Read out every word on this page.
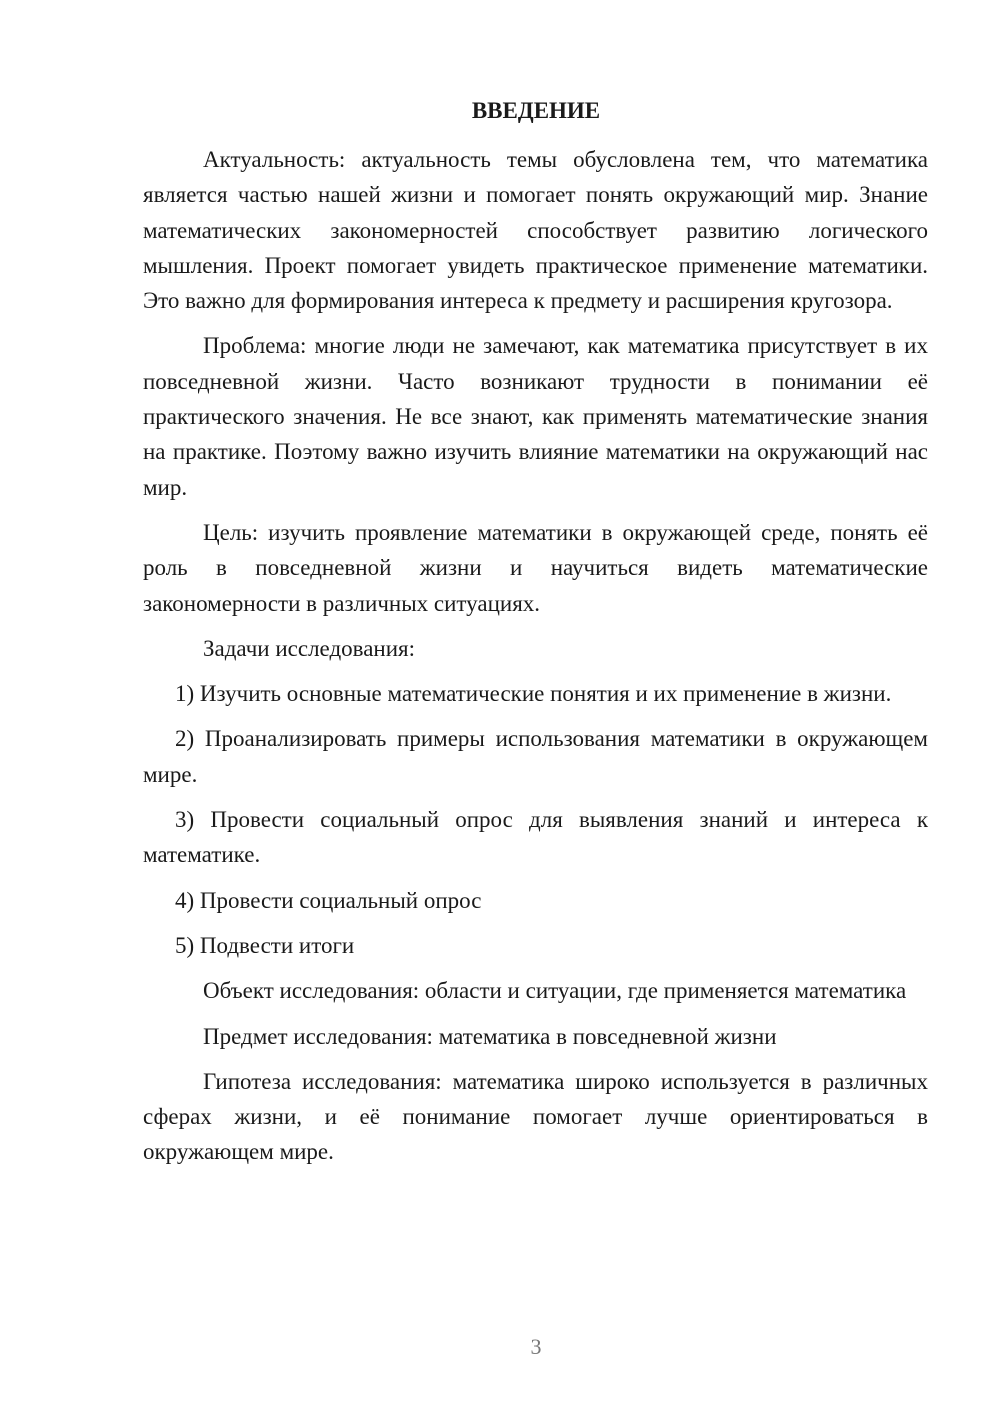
ВВЕДЕНИЕ

Актуальность: актуальность темы обусловлена тем, что математика является частью нашей жизни и помогает понять окружающий мир. Знание математических закономерностей способствует развитию логического мышления. Проект помогает увидеть практическое применение математики. Это важно для формирования интереса к предмету и расширения кругозора.

Проблема: многие люди не замечают, как математика присутствует в их повседневной жизни. Часто возникают трудности в понимании её практического значения. Не все знают, как применять математические знания на практике. Поэтому важно изучить влияние математики на окружающий нас мир.

Цель: изучить проявление математики в окружающей среде, понять её роль в повседневной жизни и научиться видеть математические закономерности в различных ситуациях.

Задачи исследования:

1) Изучить основные математические понятия и их применение в жизни.

2) Проанализировать примеры использования математики в окружающем мире.

3) Провести социальный опрос для выявления знаний и интереса к математике.

4) Провести социальный опрос

5) Подвести итоги

Объект исследования: области и ситуации, где применяется математика

Предмет исследования: математика в повседневной жизни

Гипотеза исследования: математика широко используется в различных сферах жизни, и её понимание помогает лучше ориентироваться в окружающем мире.

3
